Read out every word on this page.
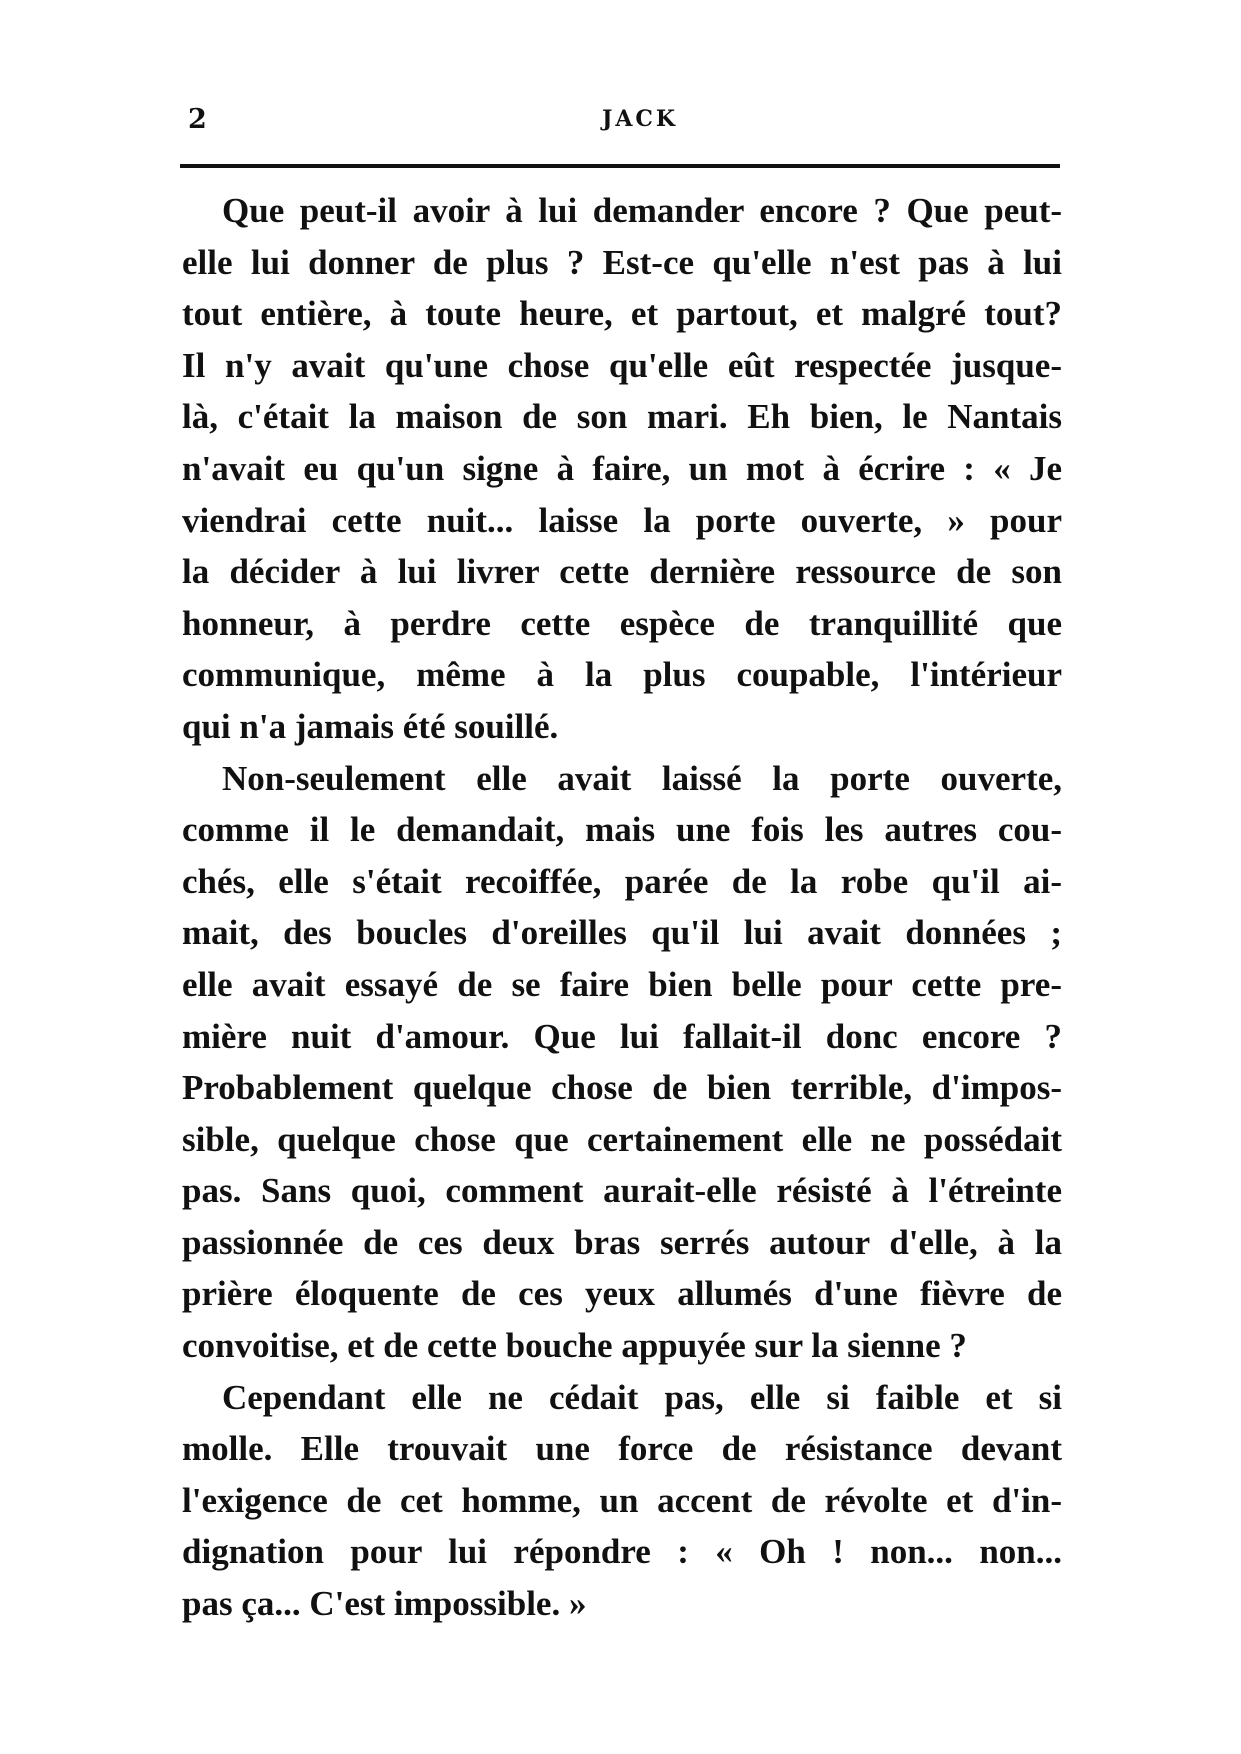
2	JACK
Que peut-il avoir à lui demander encore ? Que peut-
elle lui donner de plus ? Est-ce qu'elle n'est pas à lui
tout entière, à toute heure, et partout, et malgré tout?
Il n'y avait qu'une chose qu'elle eût respectée jusque-
là, c'était la maison de son mari. Eh bien, le Nantais
n'avait eu qu'un signe à faire, un mot à écrire : « Je
viendrai cette nuit... laisse la porte ouverte, » pour
la décider à lui livrer cette dernière ressource de son
honneur, à perdre cette espèce de tranquillité que
communique, même à la plus coupable, l'intérieur
qui n'a jamais été souillé.
Non-seulement elle avait laissé la porte ouverte,
comme il le demandait, mais une fois les autres cou-
chés, elle s'était recoiffée, parée de la robe qu'il ai-
mait, des boucles d'oreilles qu'il lui avait données ;
elle avait essayé de se faire bien belle pour cette pre-
mière nuit d'amour. Que lui fallait-il donc encore ?
Probablement quelque chose de bien terrible, d'impos-
sible, quelque chose que certainement elle ne possédait
pas. Sans quoi, comment aurait-elle résisté à l'étreinte
passionnée de ces deux bras serrés autour d'elle, à la
prière éloquente de ces yeux allumés d'une fièvre de
convoitise, et de cette bouche appuyée sur la sienne ?
Cependant elle ne cédait pas, elle si faible et si
molle. Elle trouvait une force de résistance devant
l'exigence de cet homme, un accent de révolte et d'in-
dignation pour lui répondre : « Oh ! non... non...
pas ça... C'est impossible. »
